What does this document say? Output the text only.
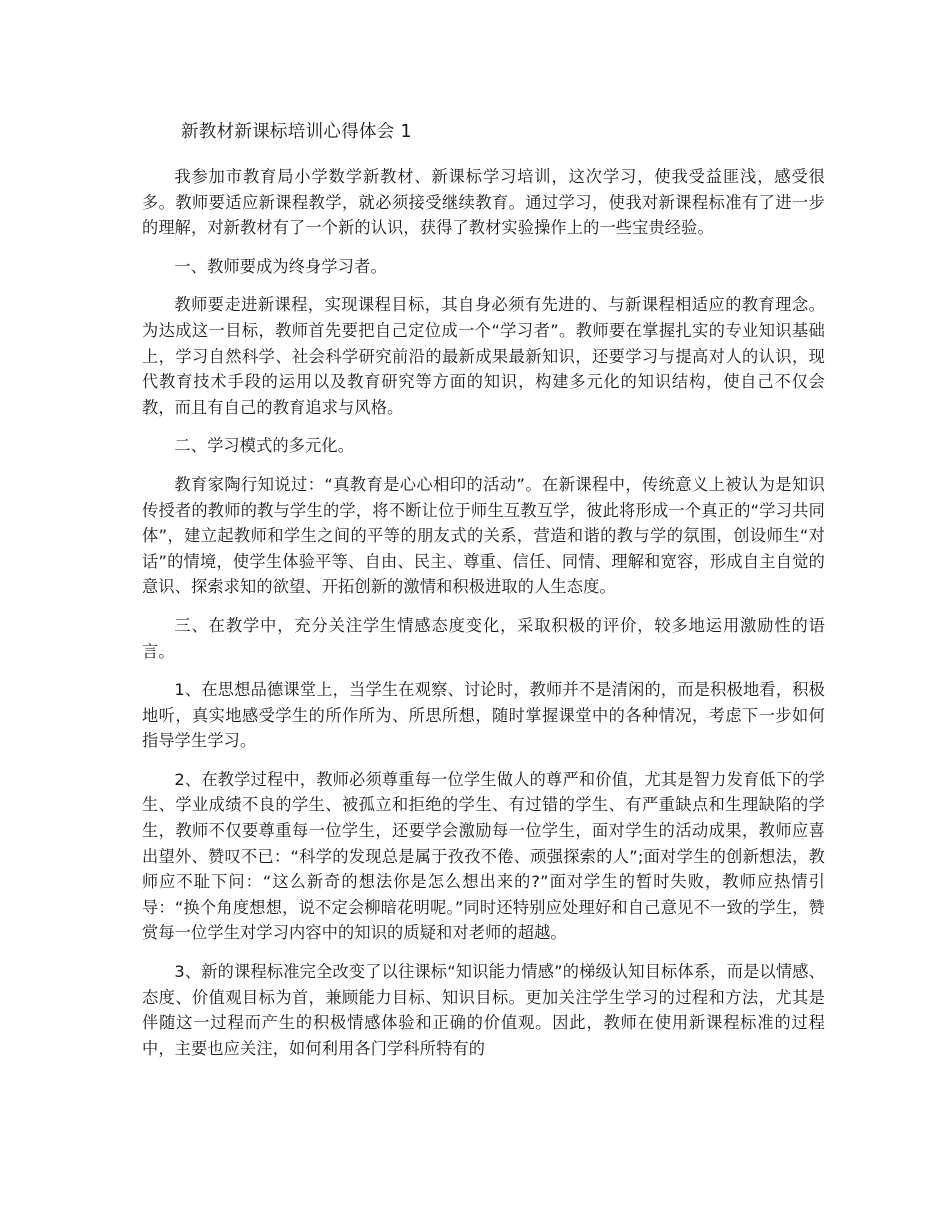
新教材新课标培训心得体会 1

我参加市教育局小学数学新教材、新课标学习培训，这次学习，使我受益匪浅，感受很多。教师要适应新课程教学，就必须接受继续教育。通过学习，使我对新课程标准有了进一步的理解，对新教材有了一个新的认识，获得了教材实验操作上的一些宝贵经验。

一、教师要成为终身学习者。

教师要走进新课程，实现课程目标，其自身必须有先进的、与新课程相适应的教育理念。为达成这一目标，教师首先要把自己定位成一个“学习者”。教师要在掌握扎实的专业知识基础上，学习自然科学、社会科学研究前沿的最新成果最新知识，还要学习与提高对人的认识，现代教育技术手段的运用以及教育研究等方面的知识，构建多元化的知识结构，使自己不仅会教，而且有自己的教育追求与风格。

二、学习模式的多元化。

教育家陶行知说过：“真教育是心心相印的活动”。在新课程中，传统意义上被认为是知识传授者的教师的教与学生的学，将不断让位于师生互教互学，彼此将形成一个真正的“学习共同体”，建立起教师和学生之间的平等的朋友式的关系，营造和谐的教与学的氛围，创设师生“对话”的情境，使学生体验平等、自由、民主、尊重、信任、同情、理解和宽容，形成自主自觉的意识、探索求知的欲望、开拓创新的激情和积极进取的人生态度。

三、在教学中，充分关注学生情感态度变化，采取积极的评价，较多地运用激励性的语言。

1、在思想品德课堂上，当学生在观察、讨论时，教师并不是清闲的，而是积极地看，积极地听，真实地感受学生的所作所为、所思所想，随时掌握课堂中的各种情况，考虑下一步如何指导学生学习。

2、在教学过程中，教师必须尊重每一位学生做人的尊严和价值，尤其是智力发育低下的学生、学业成绩不良的学生、被孤立和拒绝的学生、有过错的学生、有严重缺点和生理缺陷的学生，教师不仅要尊重每一位学生，还要学会激励每一位学生，面对学生的活动成果，教师应喜出望外、赞叹不已：“科学的发现总是属于孜孜不倦、顽强探索的人”;面对学生的创新想法，教师应不耻下问：“这么新奇的想法你是怎么想出来的?”面对学生的暂时失败，教师应热情引导：“换个角度想想，说不定会柳暗花明呢。”同时还特别应处理好和自己意见不一致的学生，赞赏每一位学生对学习内容中的知识的质疑和对老师的超越。

3、新的课程标准完全改变了以往课标“知识能力情感”的梯级认知目标体系，而是以情感、态度、价值观目标为首，兼顾能力目标、知识目标。更加关注学生学习的过程和方法，尤其是伴随这一过程而产生的积极情感体验和正确的价值观。因此，教师在使用新课程标准的过程中，主要也应关注，如何利用各门学科所特有的
